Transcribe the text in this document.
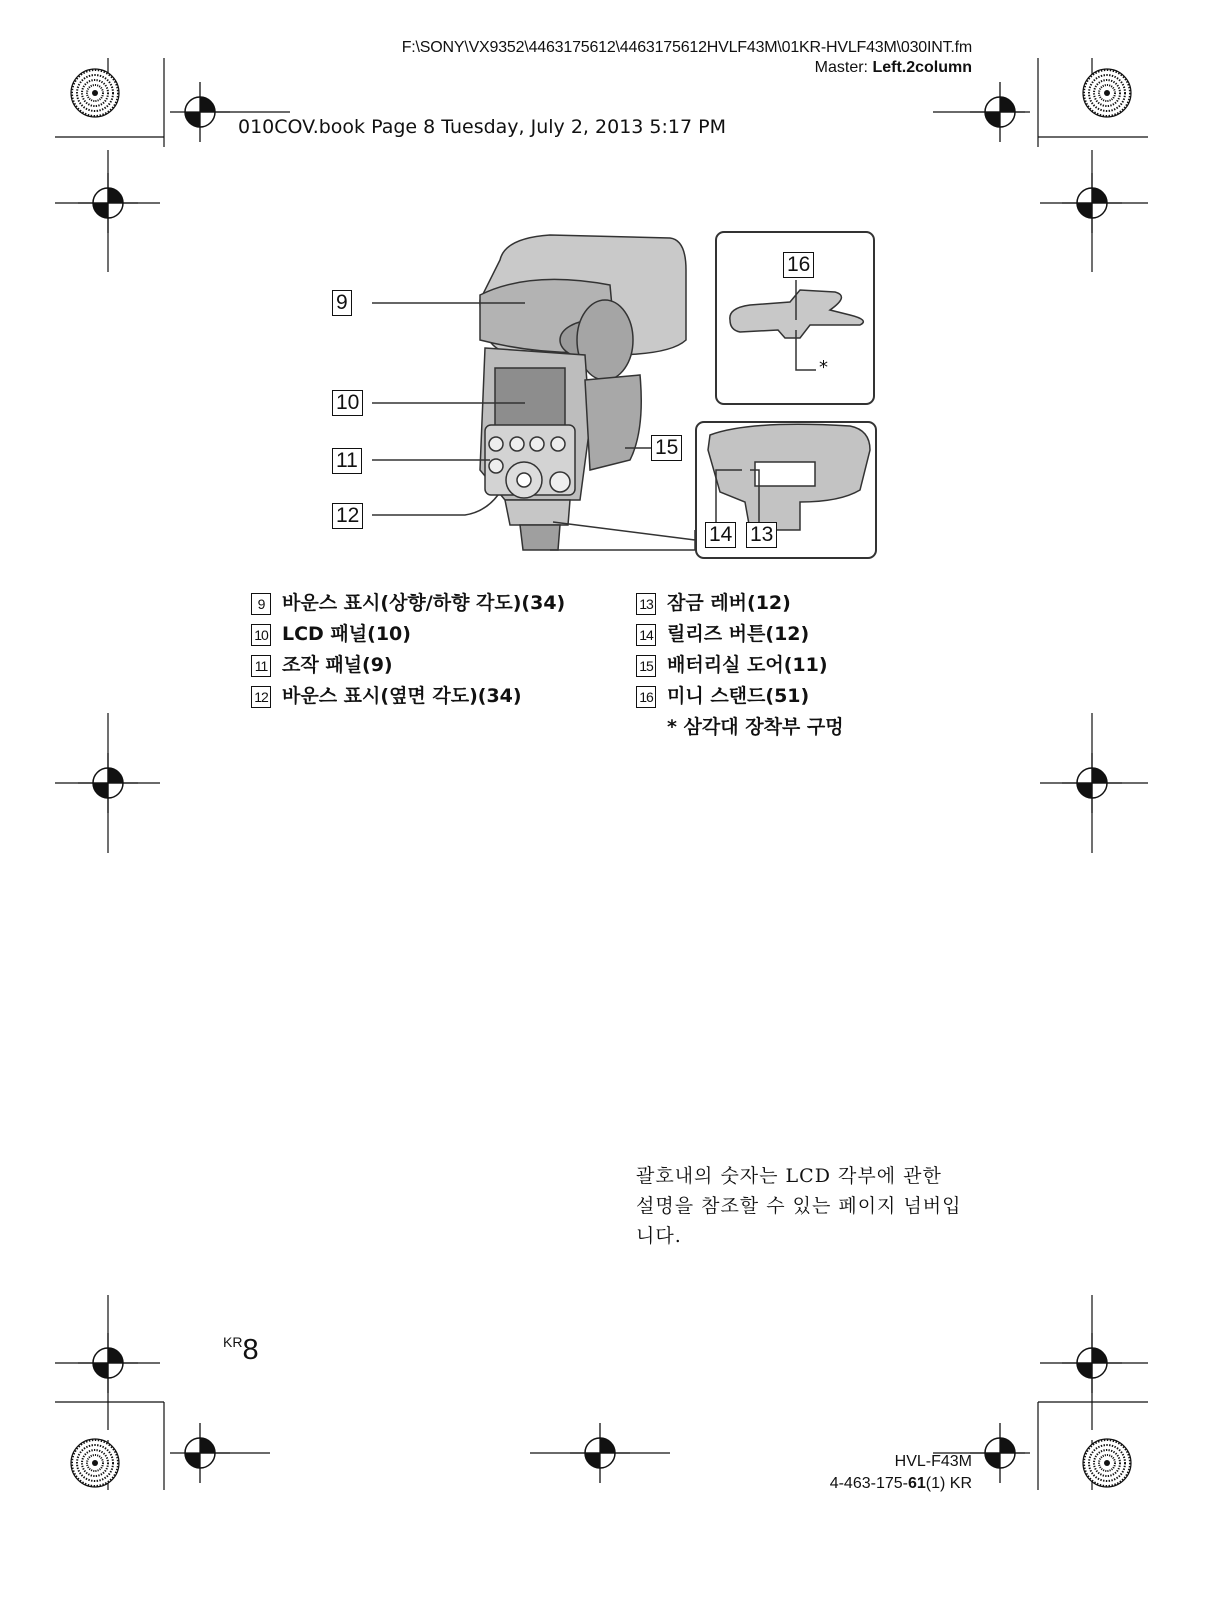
F:\SONY\VX9352\4463175612\4463175612HVLF43M\01KR-HVLF43M\030INT.fm
Master: Left.2column
010COV.book Page 8 Tuesday, July 2, 2013 5:17 PM
9
10
11
12
13
14
15
16
*
9 바운스 표시(상향/하향 각도)(34)
10 LCD 패널(10)
11 조작 패널(9)
12 바운스 표시(옆면 각도)(34)
13 잠금 레버(12)
14 릴리즈 버튼(12)
15 배터리실 도어(11)
16 미니 스탠드(51)
* 삼각대 장착부 구멍
괄호내의 숫자는 LCD 각부에 관한
설명을 참조할 수 있는 페이지 넘버입
니다.
KR8
HVL-F43M
4-463-175-61(1) KR
